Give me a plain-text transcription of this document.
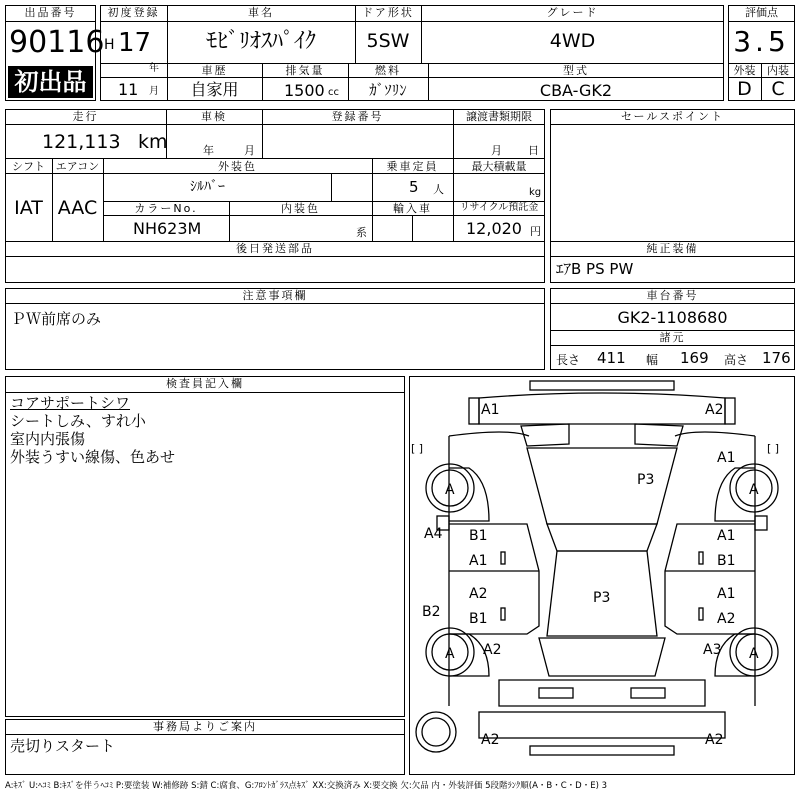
出品番号
90116
初出品
初度登録
H 17
年
11 月
車名
ﾓﾋﾞﾘｵｽﾊﾟｲｸ
ドア形状
5SW
グレード
4WD
車歴
自家用
排気量
1500 cc
燃料
ｶﾞｿﾘﾝ
型式
CBA-GK2
評価点
3.5
外装	内装
D	C
走行
121,113 km
車検
年	月
登録番号	譲渡書類期限
月 日
シフト エアコン
IAT AAC
外装色
ｼﾙﾊﾞｰ
乗車定員
5 人
最大積載量
kg
カラーNo.
NH623M
内装色
系
輸入車	リサイクル預託金
12,020 円
後日発送部品
セールスポイント
純正装備
ｴｱB PS PW
注意事項欄
ＰＷ前席のみ
車台番号
GK2-1108680
諸元
長さ 411 幅 169 高さ 176
検査員記入欄
コアサポートシワ
シートしみ、すれ小
室内内張傷
外装うすい線傷、色あせ
事務局よりご案内
売切りスタート
A1	A2
A1
P3
A	A
A4
B2
B1
A1
A2
B1
A1
B1
A1
A2
P3
A	A
A2	A3
A2	A2
[ ]	[ ]
A:ｷｽﾞ U:ﾍｺﾐ B:ｷｽﾞを伴うﾍｺﾐ P:要塗装 W:補修跡 S:錆 C:腐食、G:ﾌﾛﾝﾄｶﾞﾗｽ点ｷｽﾞ XX:交換済み X:要交換 欠:欠品 内・外装評価 5段階ﾗﾝｸ順(A・B・C・D・E) 3
